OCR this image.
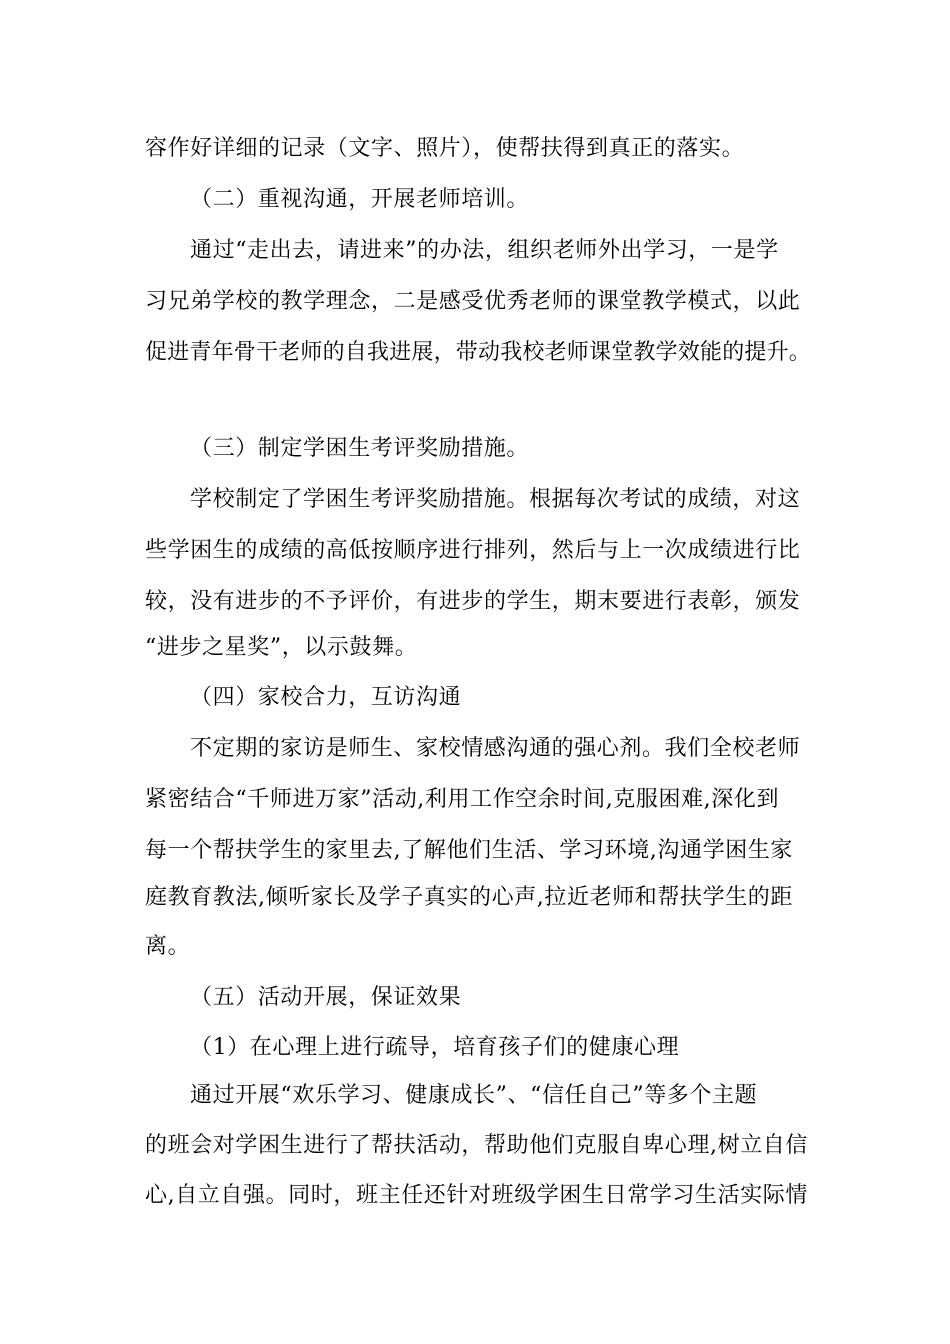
容作好详细的记录（文字、照片），使帮扶得到真正的落实。
（二）重视沟通，开展老师培训。
通过“走出去，请进来”的办法，组织老师外出学习，一是学
习兄弟学校的教学理念，二是感受优秀老师的课堂教学模式，以此
促进青年骨干老师的自我进展，带动我校老师课堂教学效能的提升。
（三）制定学困生考评奖励措施。
学校制定了学困生考评奖励措施。根据每次考试的成绩，对这
些学困生的成绩的高低按顺序进行排列，然后与上一次成绩进行比
较，没有进步的不予评价，有进步的学生，期末要进行表彰，颁发
“进步之星奖”，以示鼓舞。
（四）家校合力，互访沟通
不定期的家访是师生、家校情感沟通的强心剂。我们全校老师
紧密结合“千师进万家”活动,利用工作空余时间,克服困难,深化到
每一个帮扶学生的家里去,了解他们生活、学习环境,沟通学困生家
庭教育教法,倾听家长及学子真实的心声,拉近老师和帮扶学生的距
离。
（五）活动开展，保证效果
（1）在心理上进行疏导，培育孩子们的健康心理
通过开展“欢乐学习、健康成长”、“信任自己”等多个主题
的班会对学困生进行了帮扶活动，帮助他们克服自卑心理,树立自信
心,自立自强。同时，班主任还针对班级学困生日常学习生活实际情
